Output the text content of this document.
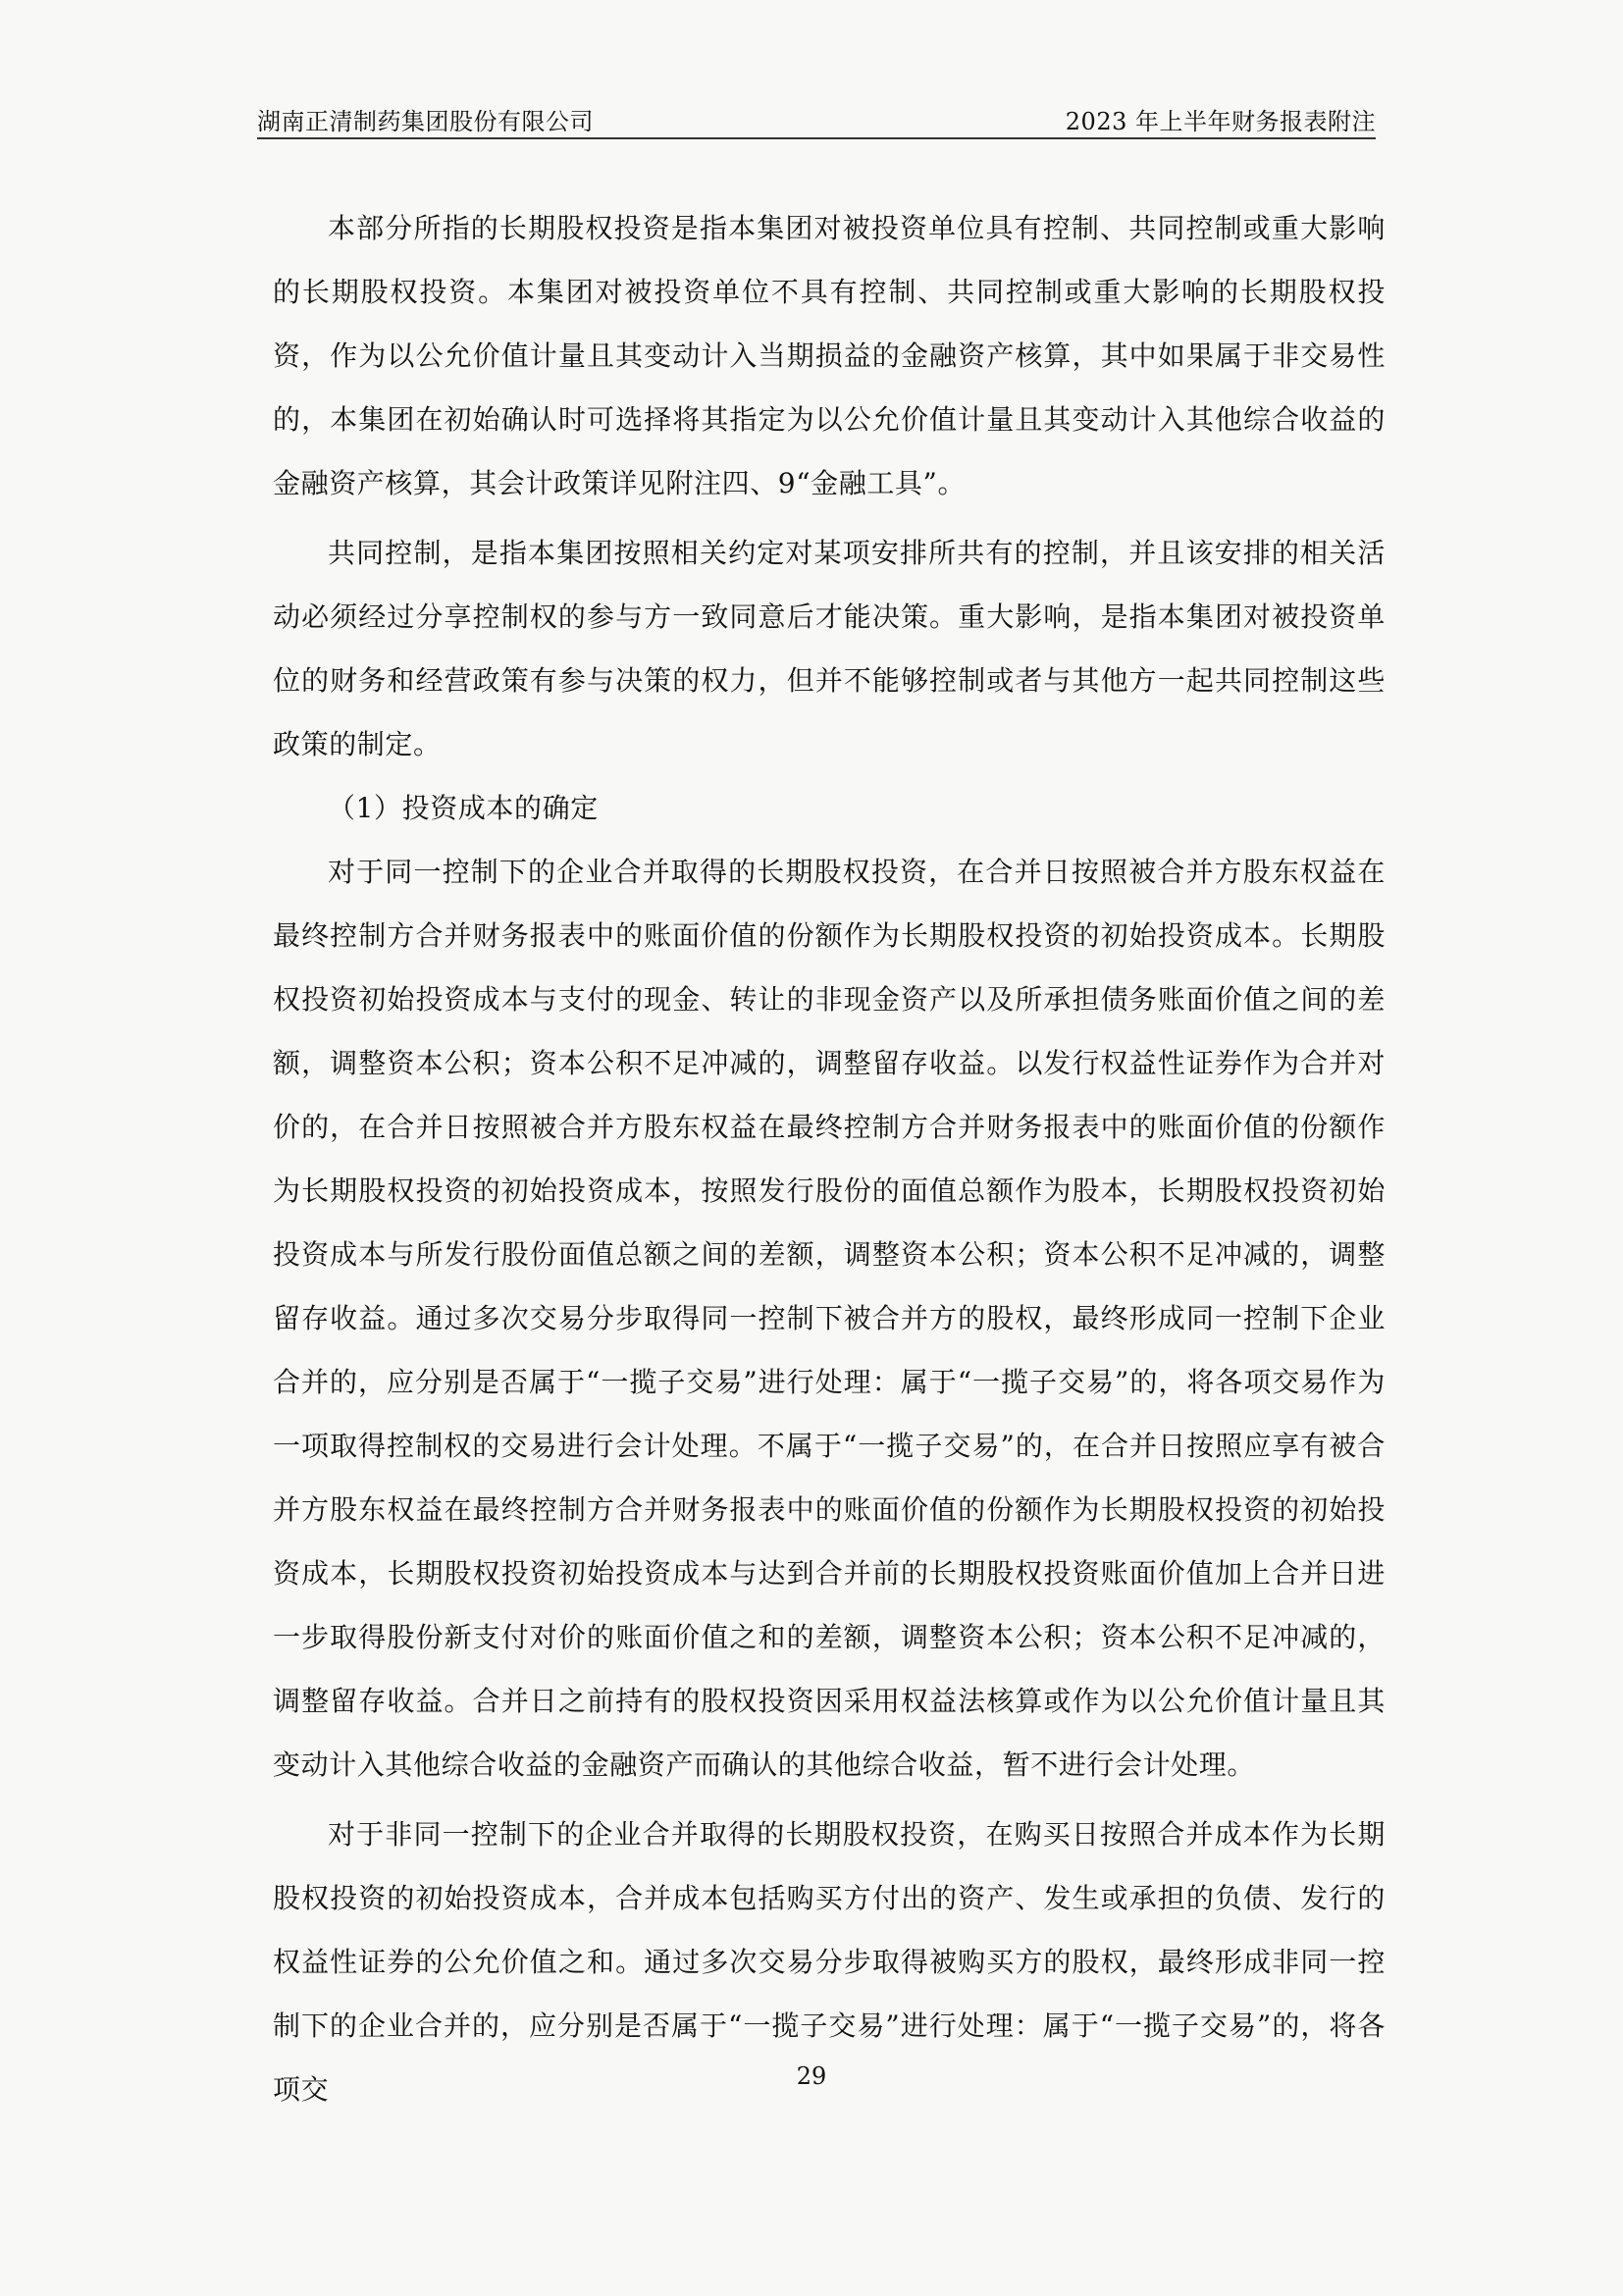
湖南正清制药集团股份有限公司	2023 年上半年财务报表附注

本部分所指的长期股权投资是指本集团对被投资单位具有控制、共同控制或重大影响的长期股权投资。本集团对被投资单位不具有控制、共同控制或重大影响的长期股权投资，作为以公允价值计量且其变动计入当期损益的金融资产核算，其中如果属于非交易性的，本集团在初始确认时可选择将其指定为以公允价值计量且其变动计入其他综合收益的金融资产核算，其会计政策详见附注四、9“金融工具”。

共同控制，是指本集团按照相关约定对某项安排所共有的控制，并且该安排的相关活动必须经过分享控制权的参与方一致同意后才能决策。重大影响，是指本集团对被投资单位的财务和经营政策有参与决策的权力，但并不能够控制或者与其他方一起共同控制这些政策的制定。

（1）投资成本的确定

对于同一控制下的企业合并取得的长期股权投资，在合并日按照被合并方股东权益在最终控制方合并财务报表中的账面价值的份额作为长期股权投资的初始投资成本。长期股权投资初始投资成本与支付的现金、转让的非现金资产以及所承担债务账面价值之间的差额，调整资本公积；资本公积不足冲减的，调整留存收益。以发行权益性证券作为合并对价的，在合并日按照被合并方股东权益在最终控制方合并财务报表中的账面价值的份额作为长期股权投资的初始投资成本，按照发行股份的面值总额作为股本，长期股权投资初始投资成本与所发行股份面值总额之间的差额，调整资本公积；资本公积不足冲减的，调整留存收益。通过多次交易分步取得同一控制下被合并方的股权，最终形成同一控制下企业合并的，应分别是否属于“一揽子交易”进行处理：属于“一揽子交易”的，将各项交易作为一项取得控制权的交易进行会计处理。不属于“一揽子交易”的，在合并日按照应享有被合并方股东权益在最终控制方合并财务报表中的账面价值的份额作为长期股权投资的初始投资成本，长期股权投资初始投资成本与达到合并前的长期股权投资账面价值加上合并日进一步取得股份新支付对价的账面价值之和的差额，调整资本公积；资本公积不足冲减的，调整留存收益。合并日之前持有的股权投资因采用权益法核算或作为以公允价值计量且其变动计入其他综合收益的金融资产而确认的其他综合收益，暂不进行会计处理。

对于非同一控制下的企业合并取得的长期股权投资，在购买日按照合并成本作为长期股权投资的初始投资成本，合并成本包括购买方付出的资产、发生或承担的负债、发行的权益性证券的公允价值之和。通过多次交易分步取得被购买方的股权，最终形成非同一控制下的企业合并的，应分别是否属于“一揽子交易”进行处理：属于“一揽子交易”的，将各项交	29
